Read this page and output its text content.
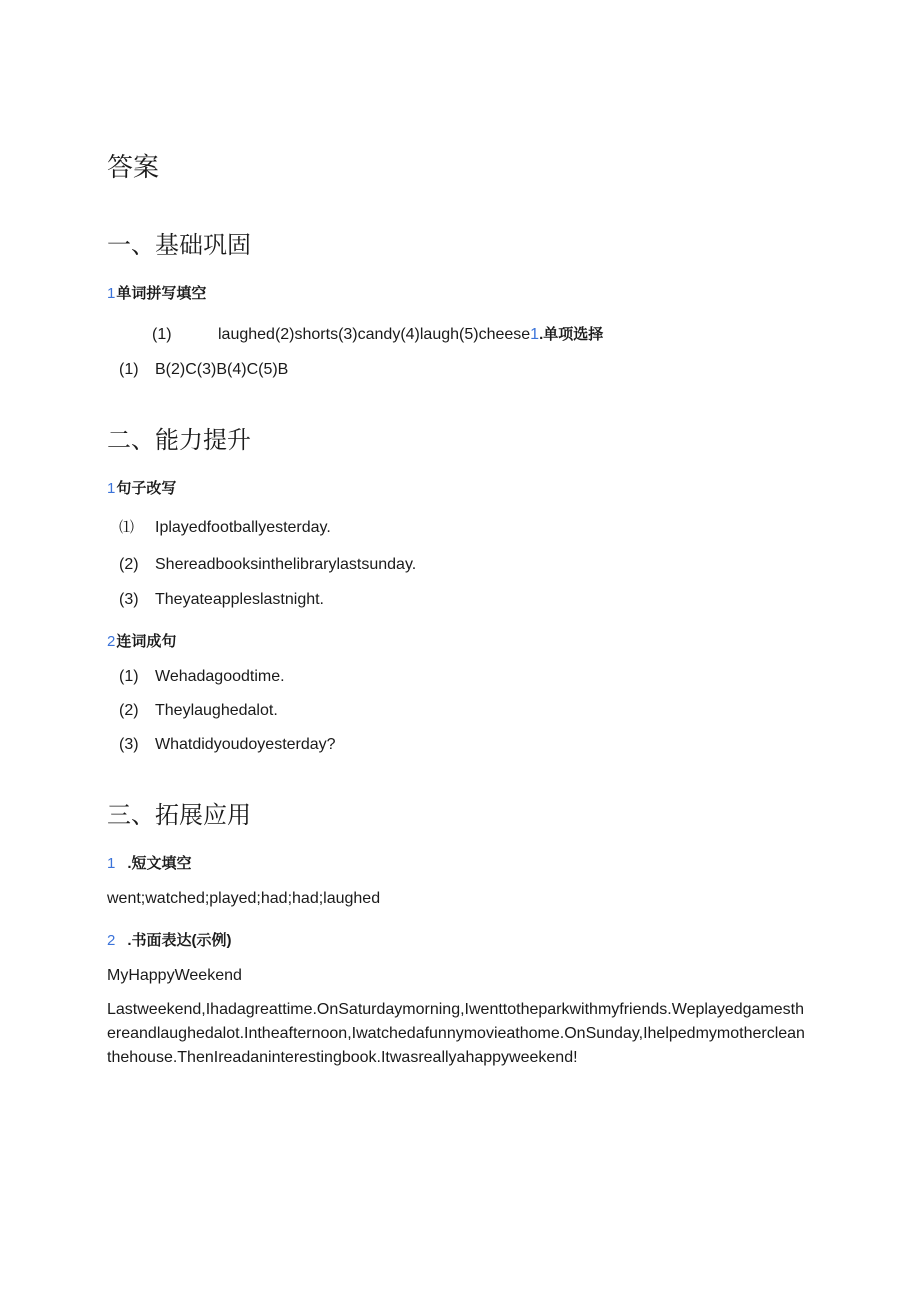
答案
一、基础巩固
1单词拼写填空
(1)	laughed(2)shorts(3)candy(4)laugh(5)cheese1.单项选择
(1) B(2)C(3)B(4)C(5)B
二、能力提升
1句子改写
⑴ Iplayedfootballyesterday.
(2) Shereadbooksinthelibrarylastsunday.
(3) Theyateappleslastnight.
2连词成句
(1) Wehadagoodtime.
(2) Theylaughedalot.
(3) Whatdidyoudoyesterday?
三、拓展应用
1 .短文填空
went;watched;played;had;had;laughed
2 .书面表达(示例)
MyHappyWeekend
Lastweekend,Ihadagreattime.OnSaturdaymorning,Iwenttotheparkwithmyfriends.Weplayedgamesthereandlaughedalot.Intheafternoon,Iwatchedafunnymovieathome.OnSunday,Ihelpedmymothercleanthehouse.ThenIreadaninterestingbook.Itwasreallyahappyweekend!
